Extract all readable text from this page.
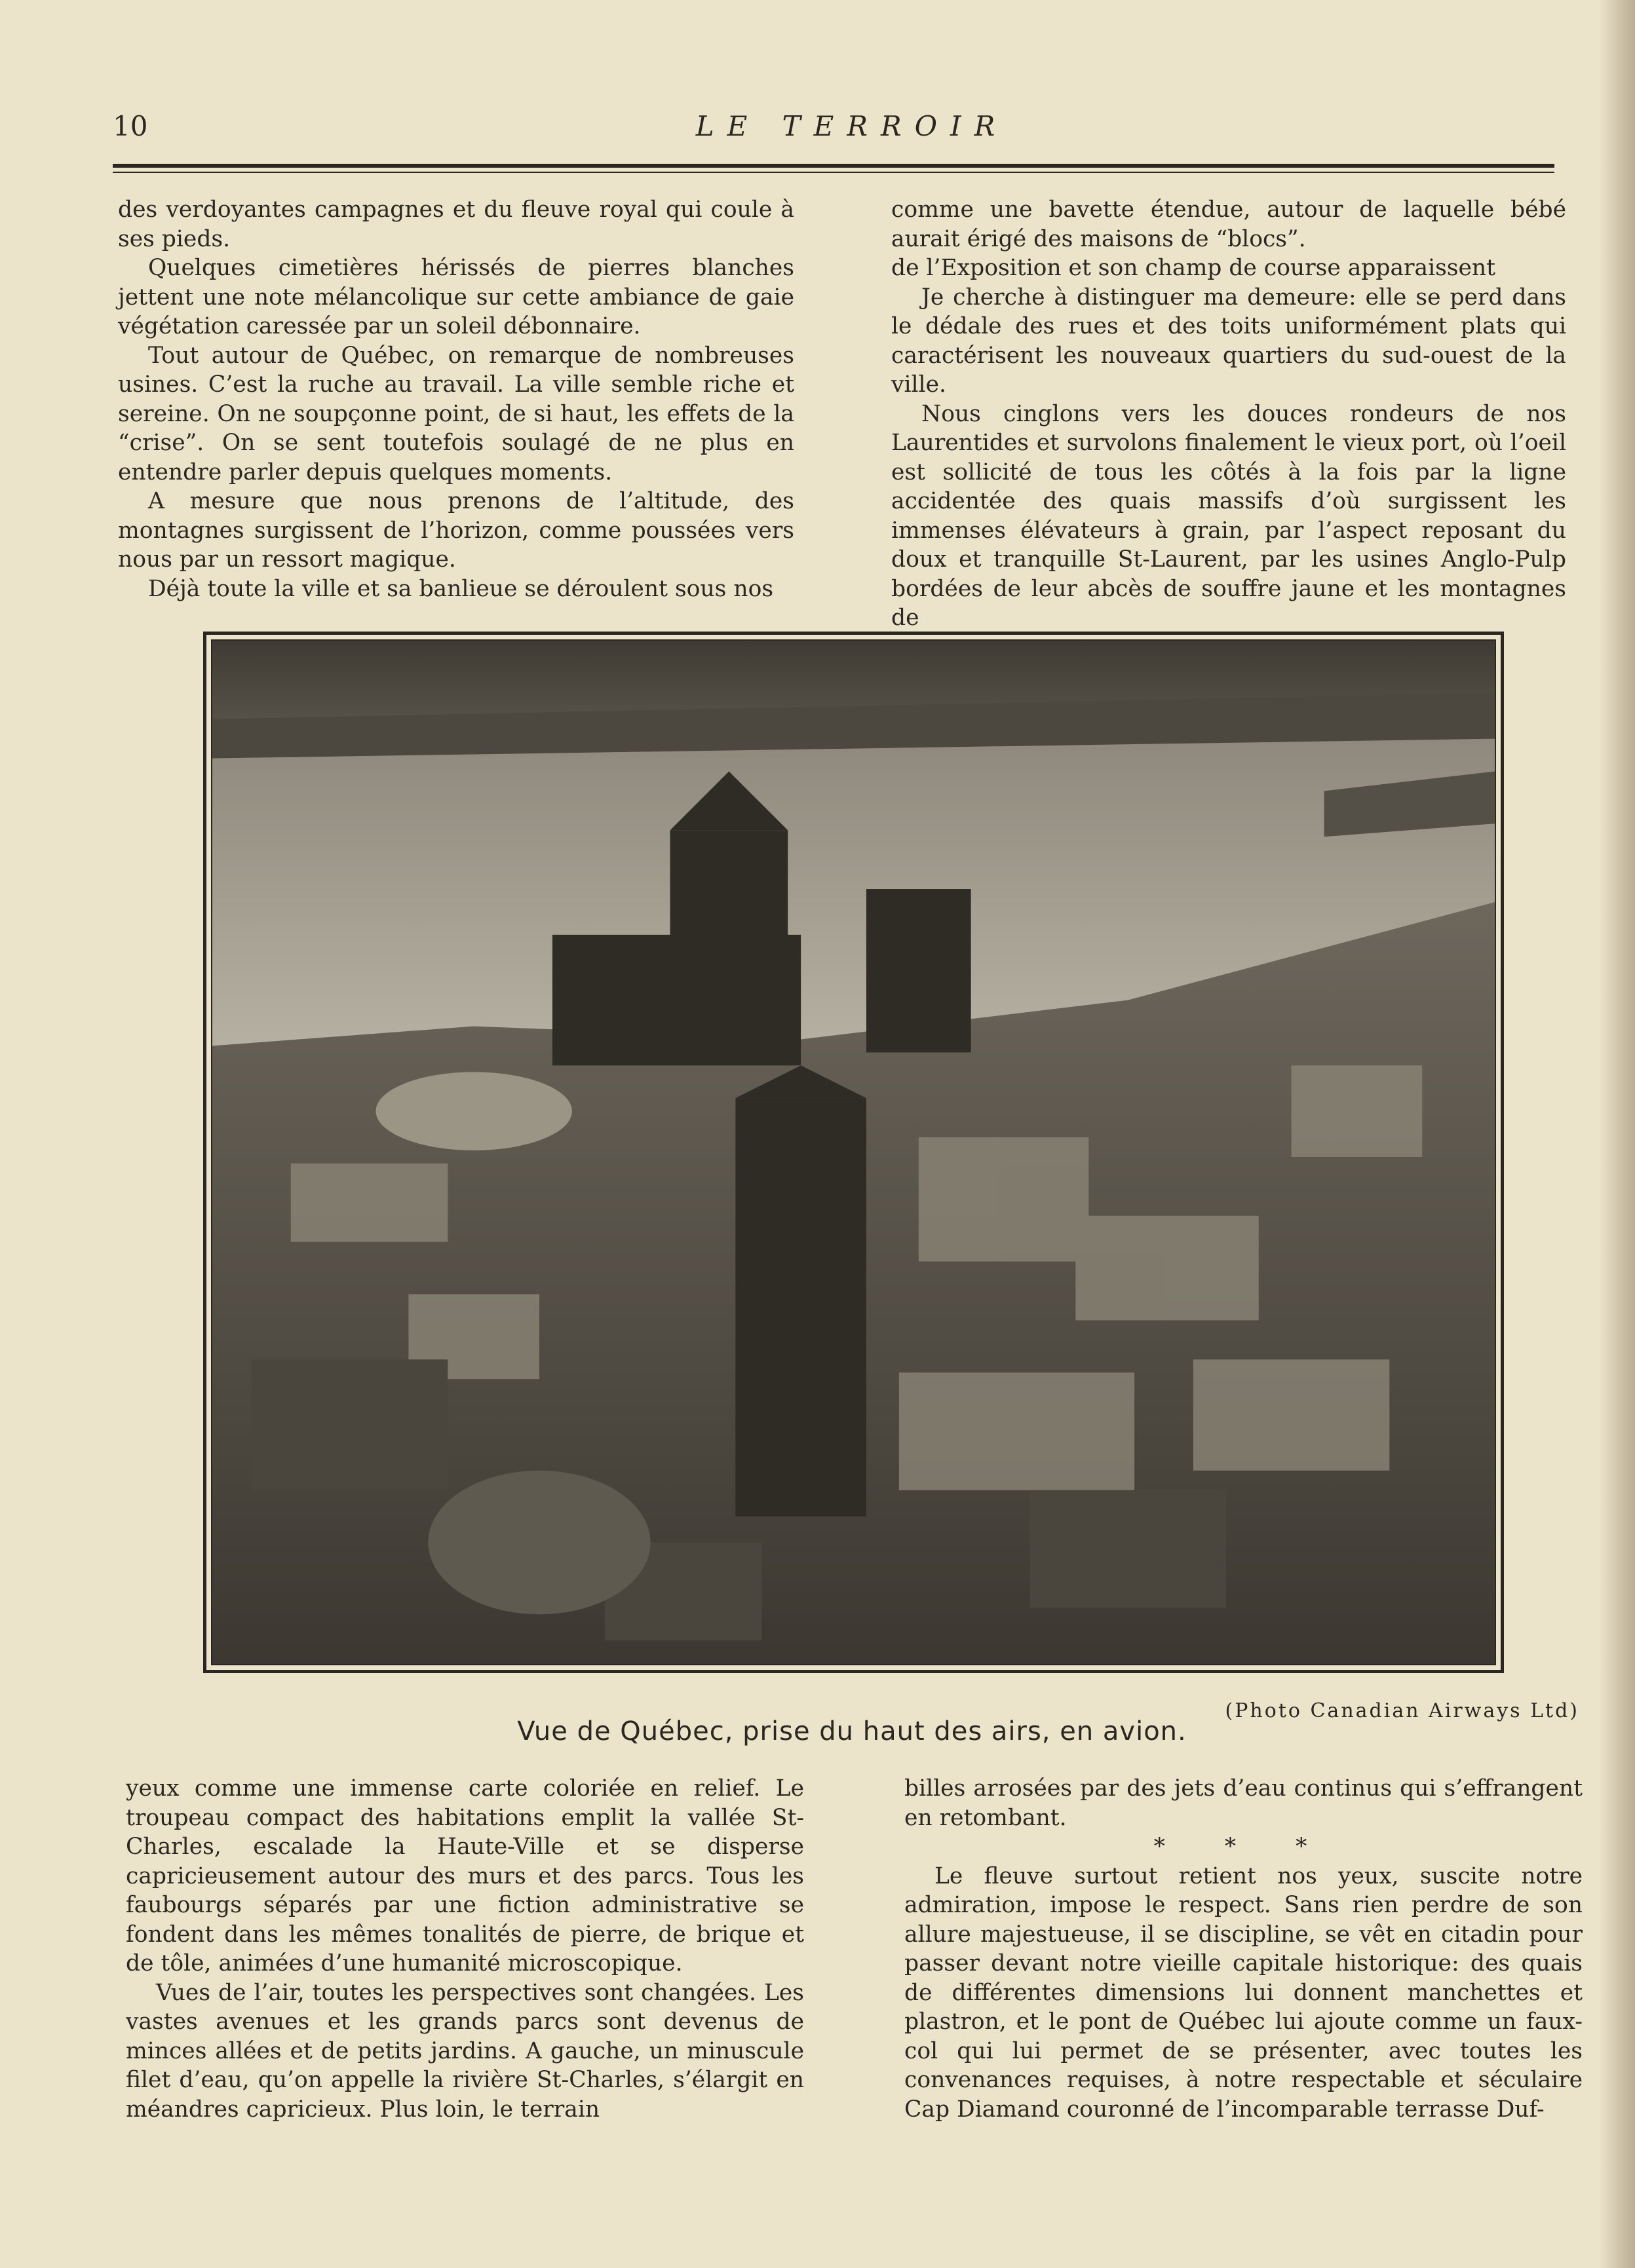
10	LE TERROIR

des verdoyantes campagnes et du fleuve royal qui coule à ses pieds.

Quelques cimetières hérissés de pierres blanches jettent une note mélancolique sur cette ambiance de gaie végétation caressée par un soleil débonnaire.

Tout autour de Québec, on remarque de nombreuses usines. C’est la ruche au travail. La ville semble riche et sereine. On ne soupçonne point, de si haut, les effets de la “crise”. On se sent toutefois soulagé de ne plus en entendre parler depuis quelques moments.

A mesure que nous prenons de l’altitude, des montagnes surgissent de l’horizon, comme poussées vers nous par un ressort magique.

Déjà toute la ville et sa banlieue se déroulent sous nos

comme une bavette étendue, autour de laquelle bébé aurait érigé des maisons de “blocs”.

de l’Exposition et son champ de course apparaissent

Je cherche à distinguer ma demeure: elle se perd dans le dédale des rues et des toits uniformément plats qui caractérisent les nouveaux quartiers du sud-ouest de la ville.

Nous cinglons vers les douces rondeurs de nos Laurentides et survolons finalement le vieux port, où l’oeil est sollicité de tous les côtés à la fois par la ligne accidentée des quais massifs d’où surgissent les immenses élévateurs à grain, par l’aspect reposant du doux et tranquille St-Laurent, par les usines Anglo-Pulp bordées de leur abcès de souffre jaune et les montagnes de

(Photo Canadian Airways Ltd)
Vue de Québec, prise du haut des airs, en avion.

yeux comme une immense carte coloriée en relief. Le troupeau compact des habitations emplit la vallée St-Charles, escalade la Haute-Ville et se disperse capricieusement autour des murs et des parcs. Tous les faubourgs séparés par une fiction administrative se fondent dans les mêmes tonalités de pierre, de brique et de tôle, animées d’une humanité microscopique.

Vues de l’air, toutes les perspectives sont changées. Les vastes avenues et les grands parcs sont devenus de minces allées et de petits jardins. A gauche, un minuscule filet d’eau, qu’on appelle la rivière St-Charles, s’élargit en méandres capricieux. Plus loin, le terrain

billes arrosées par des jets d’eau continus qui s’effrangent en retombant.

* * *

Le fleuve surtout retient nos yeux, suscite notre admiration, impose le respect. Sans rien perdre de son allure majestueuse, il se discipline, se vêt en citadin pour passer devant notre vieille capitale historique: des quais de différentes dimensions lui donnent manchettes et plastron, et le pont de Québec lui ajoute comme un faux-col qui lui permet de se présenter, avec toutes les convenances requises, à notre respectable et séculaire Cap Diamand couronné de l’incomparable terrasse Duf-
